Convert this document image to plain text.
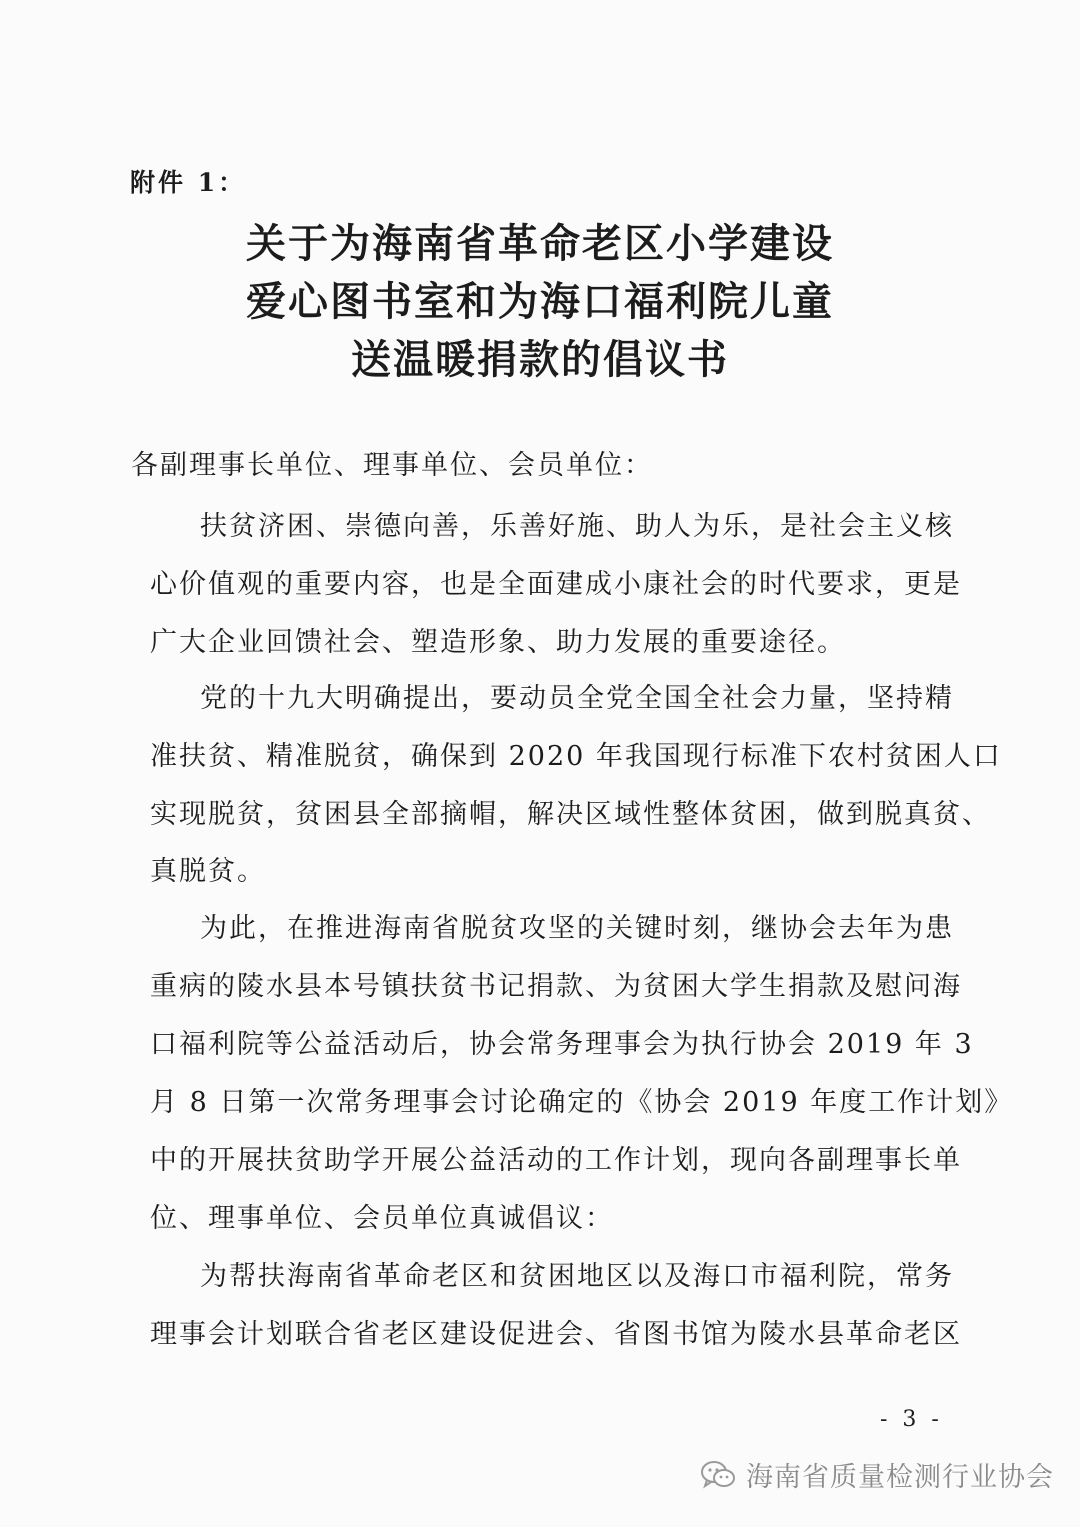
附件 1：
关于为海南省革命老区小学建设
爱心图书室和为海口福利院儿童
送温暖捐款的倡议书
各副理事长单位、理事单位、会员单位：
扶贫济困、崇德向善，乐善好施、助人为乐，是社会主义核
心价值观的重要内容，也是全面建成小康社会的时代要求，更是
广大企业回馈社会、塑造形象、助力发展的重要途径。
党的十九大明确提出，要动员全党全国全社会力量，坚持精
准扶贫、精准脱贫，确保到 2020 年我国现行标准下农村贫困人口
实现脱贫，贫困县全部摘帽，解决区域性整体贫困，做到脱真贫、
真脱贫。
为此，在推进海南省脱贫攻坚的关键时刻，继协会去年为患
重病的陵水县本号镇扶贫书记捐款、为贫困大学生捐款及慰问海
口福利院等公益活动后，协会常务理事会为执行协会 2019 年 3
月 8 日第一次常务理事会讨论确定的《协会 2019 年度工作计划》
中的开展扶贫助学开展公益活动的工作计划，现向各副理事长单
位、理事单位、会员单位真诚倡议：
为帮扶海南省革命老区和贫困地区以及海口市福利院，常务
理事会计划联合省老区建设促进会、省图书馆为陵水县革命老区
- 3 -
海南省质量检测行业协会
